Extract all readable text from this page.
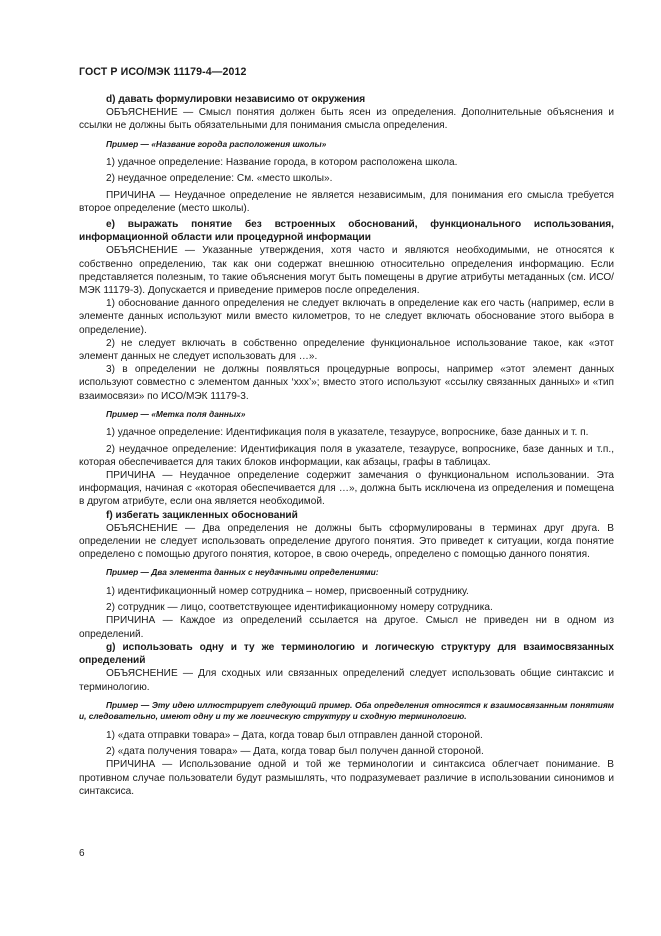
ГОСТ Р ИСО/МЭК 11179-4—2012

d) давать формулировки независимо от окружения

ОБЪЯСНЕНИЕ — Смысл понятия должен быть ясен из определения. Дополнительные объяснения и ссылки не должны быть обязательными для понимания смысла определения.

Пример — «Название города расположения школы»

1) удачное определение: Название города, в котором расположена школа.

2) неудачное определение: См. «место школы».

ПРИЧИНА — Неудачное определение не является независимым, для понимания его смысла требуется второе определение (место школы).

е) выражать понятие без встроенных обоснований, функционального использования, информационной области или процедурной информации

ОБЪЯСНЕНИЕ — Указанные утверждения, хотя часто и являются необходимыми, не относятся к собственно определению, так как они содержат внешнюю относительно определения информацию. Если представляется полезным, то такие объяснения могут быть помещены в другие атрибуты метаданных (см. ИСО/МЭК 11179-3). Допускается и приведение примеров после определения.

1) обоснование данного определения не следует включать в определение как его часть (например, если в элементе данных используют мили вместо километров, то не следует включать обоснование этого выбора в определение).

2) не следует включать в собственно определение функциональное использование такое, как «этот элемент данных не следует использовать для …».

3) в определении не должны появляться процедурные вопросы, например «этот элемент данных используют совместно с элементом данных ‘xxx’»; вместо этого используют «ссылку связанных данных» и «тип взаимосвязи» по ИСО/МЭК 11179-3.

Пример — «Метка поля данных»

1) удачное определение: Идентификация поля в указателе, тезаурусе, вопроснике, базе данных и т. п.

2) неудачное определение: Идентификация поля в указателе, тезаурусе, вопроснике, базе данных и т.п., которая обеспечивается для таких блоков информации, как абзацы, графы в таблицах.

ПРИЧИНА — Неудачное определение содержит замечания о функциональном использовании. Эта информация, начиная с «которая обеспечивается для …», должна быть исключена из определения и помещена в другом атрибуте, если она является необходимой.

f) избегать зацикленных обоснований

ОБЪЯСНЕНИЕ — Два определения не должны быть сформулированы в терминах друг друга. В определении не следует использовать определение другого понятия. Это приведет к ситуации, когда понятие определено с помощью другого понятия, которое, в свою очередь, определено с помощью данного понятия.

Пример — Два элемента данных с неудачными определениями:

1) идентификационный номер сотрудника – номер, присвоенный сотруднику.

2) сотрудник — лицо, соответствующее идентификационному номеру сотрудника.

ПРИЧИНА — Каждое из определений ссылается на другое. Смысл не приведен ни в одном из определений.

g) использовать одну и ту же терминологию и логическую структуру для взаимосвязанных определений

ОБЪЯСНЕНИЕ — Для сходных или связанных определений следует использовать общие синтаксис и терминологию.

Пример — Эту идею иллюстрирует следующий пример. Оба определения относятся к взаимосвязанным понятиям и, следовательно, имеют одну и ту же логическую структуру и сходную терминологию.

1) «дата отправки товара» – Дата, когда товар был отправлен данной стороной.

2) «дата получения товара» — Дата, когда товар был получен данной стороной.

ПРИЧИНА — Использование одной и той же терминологии и синтаксиса облегчает понимание. В противном случае пользователи будут размышлять, что подразумевает различие в использовании синонимов и синтаксиса.

6
